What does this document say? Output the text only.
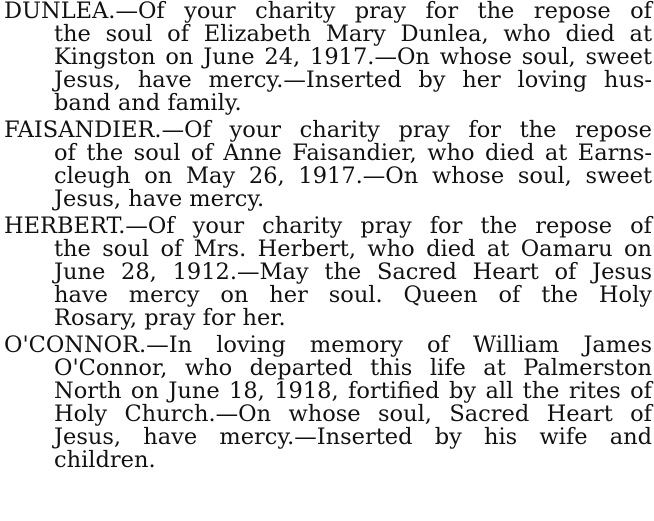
DUNLEA.—Of your charity pray for the repose of
the soul of Elizabeth Mary Dunlea, who died at
Kingston on June 24, 1917.—On whose soul, sweet
Jesus, have mercy.—Inserted by her loving hus-
band and family.
FAISANDIER.—Of your charity pray for the repose
of the soul of Anne Faisandier, who died at Earns-
cleugh on May 26, 1917.—On whose soul, sweet
Jesus, have mercy.
HERBERT.—Of your charity pray for the repose of
the soul of Mrs. Herbert, who died at Oamaru on
June 28, 1912.—May the Sacred Heart of Jesus
have mercy on her soul. Queen of the Holy
Rosary, pray for her.
O'CONNOR.—In loving memory of William James
O'Connor, who departed this life at Palmerston
North on June 18, 1918, fortified by all the rites of
Holy Church.—On whose soul, Sacred Heart of
Jesus, have mercy.—Inserted by his wife and
children.
